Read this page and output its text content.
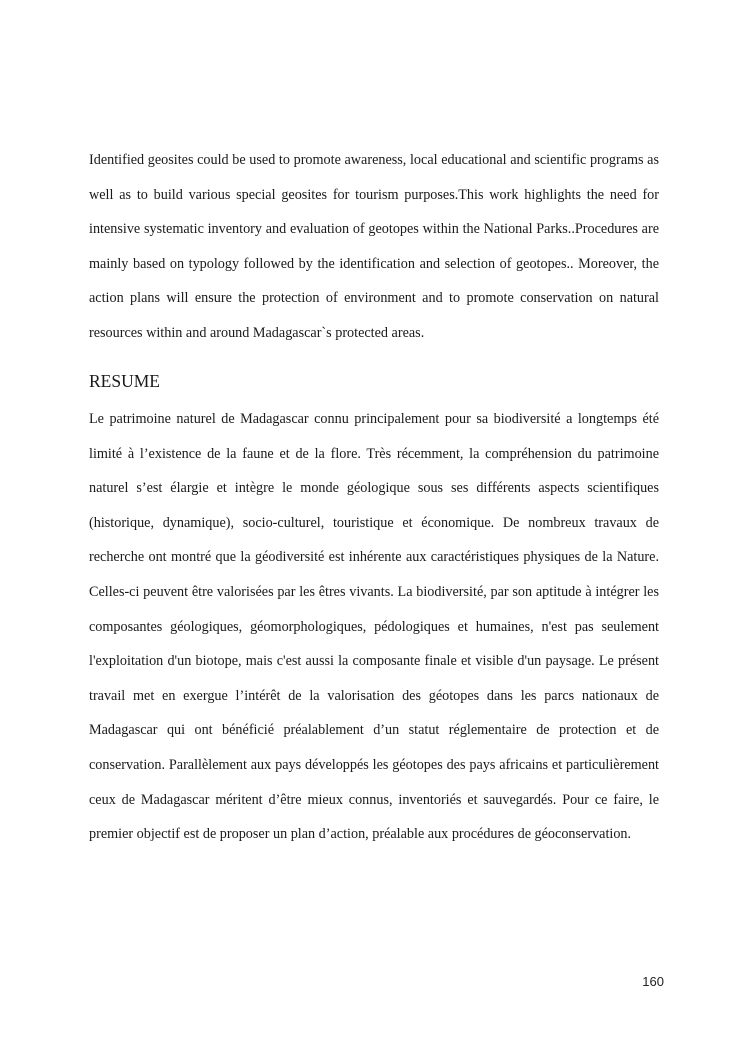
Identified geosites could be used to promote awareness, local educational and scientific programs as well as to build various special geosites for tourism purposes.This work highlights the need for intensive systematic inventory and evaluation of geotopes within the National Parks..Procedures are mainly based on typology followed by the identification and selection of geotopes.. Moreover, the action plans will ensure the protection of environment and to promote conservation on natural resources within and around Madagascar`s protected areas.

RESUME

Le patrimoine naturel de Madagascar connu principalement pour sa biodiversité a longtemps été limité à l’existence de la faune et de la flore. Très récemment, la compréhension du patrimoine naturel s’est élargie et intègre le monde géologique sous ses différents aspects scientifiques (historique, dynamique), socio-culturel, touristique et économique. De nombreux travaux de recherche ont montré que la géodiversité est inhérente aux caractéristiques physiques de la Nature. Celles-ci peuvent être valorisées par les êtres vivants. La biodiversité, par son aptitude à intégrer les composantes géologiques, géomorphologiques, pédologiques et humaines, n'est pas seulement l'exploitation d'un biotope, mais c'est aussi la composante finale et visible d'un paysage. Le présent travail met en exergue l’intérêt de la valorisation des géotopes dans les parcs nationaux de Madagascar qui ont bénéficié préalablement d’un statut réglementaire de protection et de conservation. Parallèlement aux pays développés les géotopes des pays africains et particulièrement ceux de Madagascar méritent d’être mieux connus, inventoriés et sauvegardés. Pour ce faire, le premier objectif est de proposer un plan d’action, préalable aux procédures de géoconservation.

160
